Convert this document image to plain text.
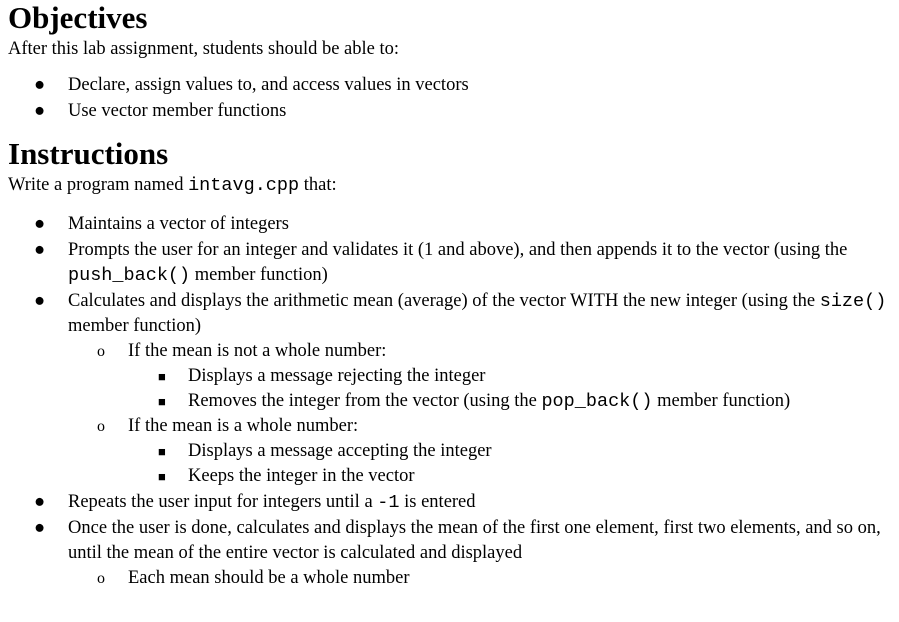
Objectives

After this lab assignment, students should be able to:

● Declare, assign values to, and access values in vectors
● Use vector member functions
Instructions

Write a program named intavg.cpp that:

● Maintains a vector of integers
● Prompts the user for an integer and validates it (1 and above), and then appends it to the vector (using the push_back() member function)
● Calculates and displays the arithmetic mean (average) of the vector WITH the new integer (using the size() member function)
o If the mean is not a whole number:
■ Displays a message rejecting the integer
■ Removes the integer from the vector (using the pop_back() member function)
o If the mean is a whole number:
■ Displays a message accepting the integer
■ Keeps the integer in the vector
● Repeats the user input for integers until a -1 is entered
● Once the user is done, calculates and displays the mean of the first one element, first two elements, and so on, until the mean of the entire vector is calculated and displayed
o Each mean should be a whole number
